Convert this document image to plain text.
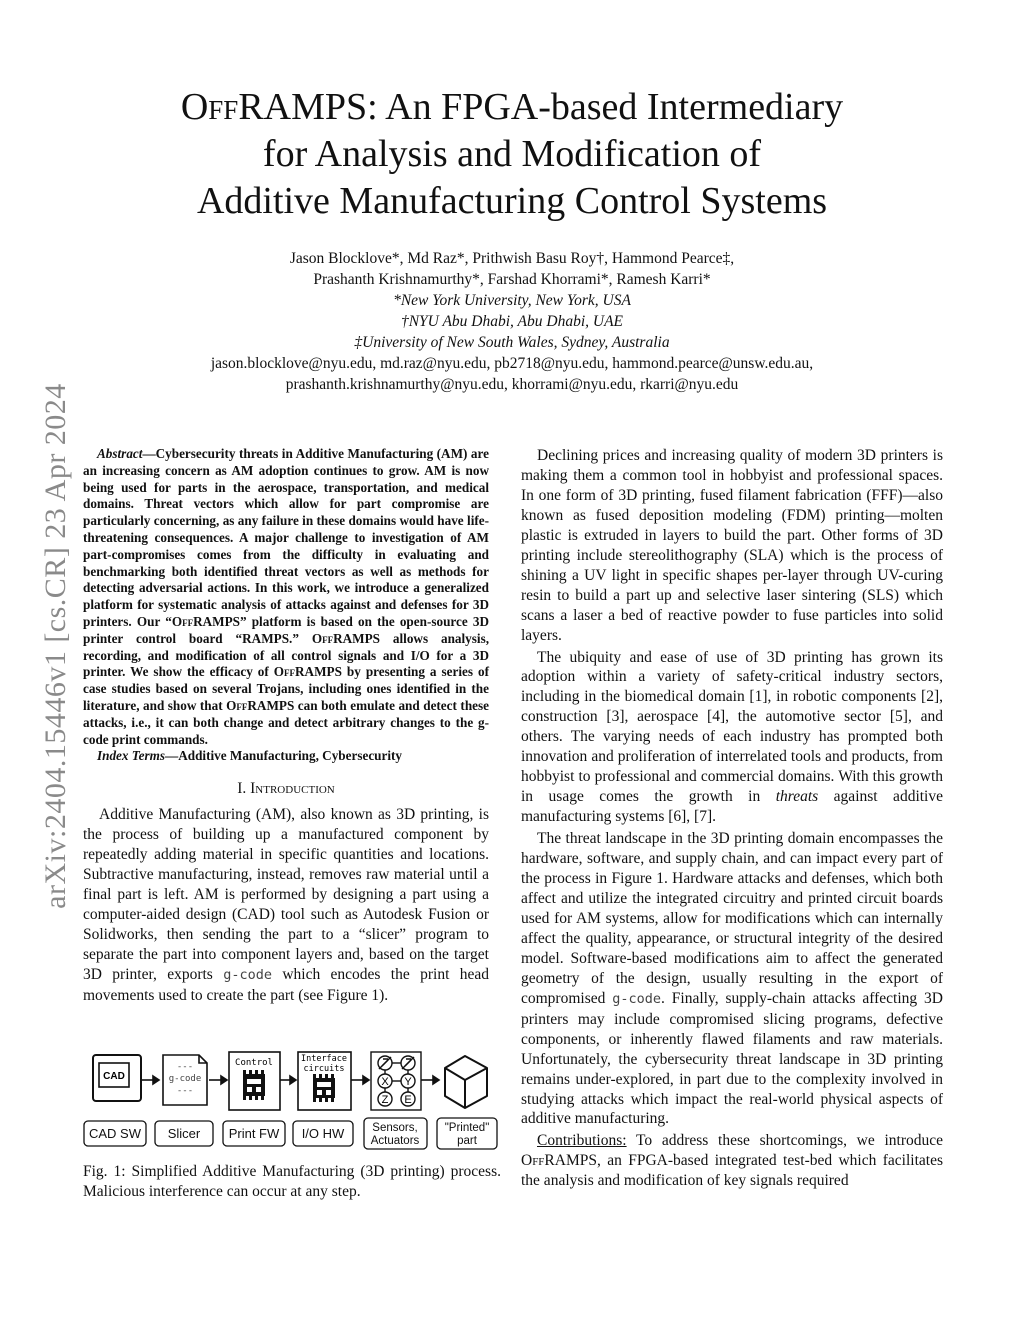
arXiv:2404.15446v1 [cs.CR] 23 Apr 2024
OffRAMPS: An FPGA-based Intermediary
for Analysis and Modification of
Additive Manufacturing Control Systems
Jason Blocklove*, Md Raz*, Prithwish Basu Roy†, Hammond Pearce‡,
Prashanth Krishnamurthy*, Farshad Khorrami*, Ramesh Karri*
*New York University, New York, USA
†NYU Abu Dhabi, Abu Dhabi, UAE
‡University of New South Wales, Sydney, Australia
jason.blocklove@nyu.edu, md.raz@nyu.edu, pb2718@nyu.edu, hammond.pearce@unsw.edu.au,
prashanth.krishnamurthy@nyu.edu, khorrami@nyu.edu, rkarri@nyu.edu

Abstract—Cybersecurity threats in Additive Manufacturing (AM) are an increasing concern as AM adoption continues to grow. AM is now being used for parts in the aerospace, transportation, and medical domains. Threat vectors which allow for part compromise are particularly concerning, as any failure in these domains would have life-threatening consequences. A major challenge to investigation of AM part-compromises comes from the difficulty in evaluating and benchmarking both identified threat vectors as well as methods for detecting adversarial actions. In this work, we introduce a generalized platform for systematic analysis of attacks against and defenses for 3D printers. Our “OffRAMPS” platform is based on the open-source 3D printer control board “RAMPS.” OffRAMPS allows analysis, recording, and modification of all control signals and I/O for a 3D printer. We show the efficacy of OffRAMPS by presenting a series of case studies based on several Trojans, including ones identified in the literature, and show that OffRAMPS can both emulate and detect these attacks, i.e., it can both change and detect arbitrary changes to the g-code print commands.

Index Terms—Additive Manufacturing, Cybersecurity

I. Introduction

Additive Manufacturing (AM), also known as 3D printing, is the process of building up a manufactured component by repeatedly adding material in specific quantities and locations. Subtractive manufacturing, instead, removes raw material until a final part is left. AM is performed by designing a part using a computer-aided design (CAD) tool such as Autodesk Fusion or Solidworks, then sending the part to a “slicer” program to separate the part into component layers and, based on the target 3D printer, exports g-code which encodes the print head movements used to create the part (see Figure 1).

CAD
---
g-code
---
Control	Interface
circuits
X Y
Z E
CAD SW Slicer Print FW I/O HW Sensors,
Actuators
"Printed"
part
Fig. 1: Simplified Additive Manufacturing (3D printing) process. Malicious interference can occur at any step.

Declining prices and increasing quality of modern 3D printers is making them a common tool in hobbyist and professional spaces. In one form of 3D printing, fused filament fabrication (FFF)—also known as fused deposition modeling (FDM) printing—molten plastic is extruded in layers to build the part. Other forms of 3D printing include stereolithography (SLA) which is the process of shining a UV light in specific shapes per-layer through UV-curing resin to build a part up and selective laser sintering (SLS) which scans a laser a bed of reactive powder to fuse particles into solid layers.

The ubiquity and ease of use of 3D printing has grown its adoption within a variety of safety-critical industry sectors, including in the biomedical domain [1], in robotic components [2], construction [3], aerospace [4], the automotive sector [5], and others. The varying needs of each industry has prompted both innovation and proliferation of interrelated tools and products, from hobbyist to professional and commercial domains. With this growth in usage comes the growth in threats against additive manufacturing systems [6], [7].

The threat landscape in the 3D printing domain encompasses the hardware, software, and supply chain, and can impact every part of the process in Figure 1. Hardware attacks and defenses, which both affect and utilize the integrated circuitry and printed circuit boards used for AM systems, allow for modifications which can internally affect the quality, appearance, or structural integrity of the desired model. Software-based modifications aim to affect the generated geometry of the design, usually resulting in the export of compromised g-code. Finally, supply-chain attacks affecting 3D printers may include compromised slicing programs, defective components, or inherently flawed filaments and raw materials. Unfortunately, the cybersecurity threat landscape in 3D printing remains under-explored, in part due to the complexity involved in studying attacks which impact the real-world physical aspects of additive manufacturing.

Contributions: To address these shortcomings, we introduce OffRAMPS, an FPGA-based integrated test-bed which facilitates the analysis and modification of key signals required
